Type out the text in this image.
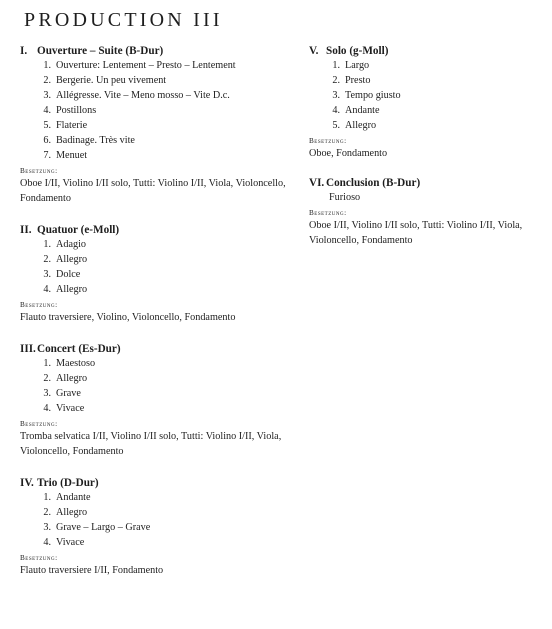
PRODUCTION III
I. Ouverture – Suite (B-Dur)
1. Ouverture: Lentement – Presto – Lentement
2. Bergerie. Un peu vivement
3. Allégresse. Vite – Meno mosso – Vite D.c.
4. Postillons
5. Flaterie
6. Badinage. Très vite
7. Menuet
Besetzung:
Oboe I/II, Violino I/II solo, Tutti: Violino I/II, Viola, Violoncello, Fondamento
II. Quatuor (e-Moll)
1. Adagio
2. Allegro
3. Dolce
4. Allegro
Besetzung:
Flauto traversiere, Violino, Violoncello, Fondamento
III.Concert (Es-Dur)
1. Maestoso
2. Allegro
3. Grave
4. Vivace
Besetzung:
Tromba selvatica I/II, Violino I/II solo, Tutti: Violino I/II, Viola, Violoncello, Fondamento
IV. Trio (D-Dur)
1. Andante
2. Allegro
3. Grave – Largo – Grave
4. Vivace
Besetzung:
Flauto traversiere I/II, Fondamento
V. Solo (g-Moll)
1. Largo
2. Presto
3. Tempo giusto
4. Andante
5. Allegro
Besetzung:
Oboe, Fondamento
VI. Conclusion (B-Dur)
Furioso
Besetzung:
Oboe I/II, Violino I/II solo, Tutti: Violino I/II, Viola, Violoncello, Fondamento
